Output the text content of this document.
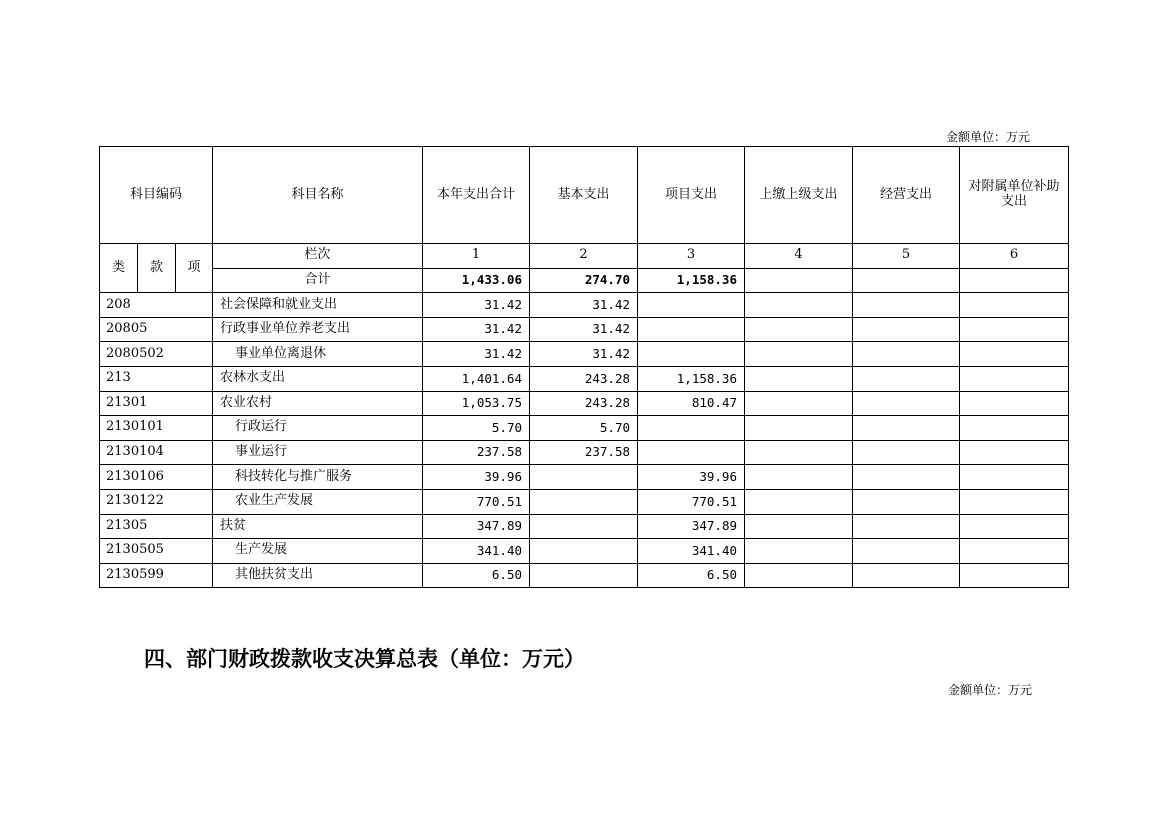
金额单位：万元
科目编码			科目名称	本年支出合计	基本支出	项目支出	上缴上级支出	经营支出	对附属单位补助支出
类	款	项	栏次	1	2	3	4	5	6
			合计	1,433.06	274.70	1,158.36			
208			社会保障和就业支出	31.42	31.42				
20805			行政事业单位养老支出	31.42	31.42				
2080502			事业单位离退休	31.42	31.42				
213			农林水支出	1,401.64	243.28	1,158.36			
21301			农业农村	1,053.75	243.28	810.47			
2130101			行政运行	5.70	5.70				
2130104			事业运行	237.58	237.58				
2130106			科技转化与推广服务	39.96		39.96			
2130122			农业生产发展	770.51		770.51			
21305			扶贫	347.89		347.89			
2130505			生产发展	341.40		341.40			
2130599			其他扶贫支出	6.50		6.50			
四、部门财政拨款收支决算总表（单位：万元）
金额单位：万元
